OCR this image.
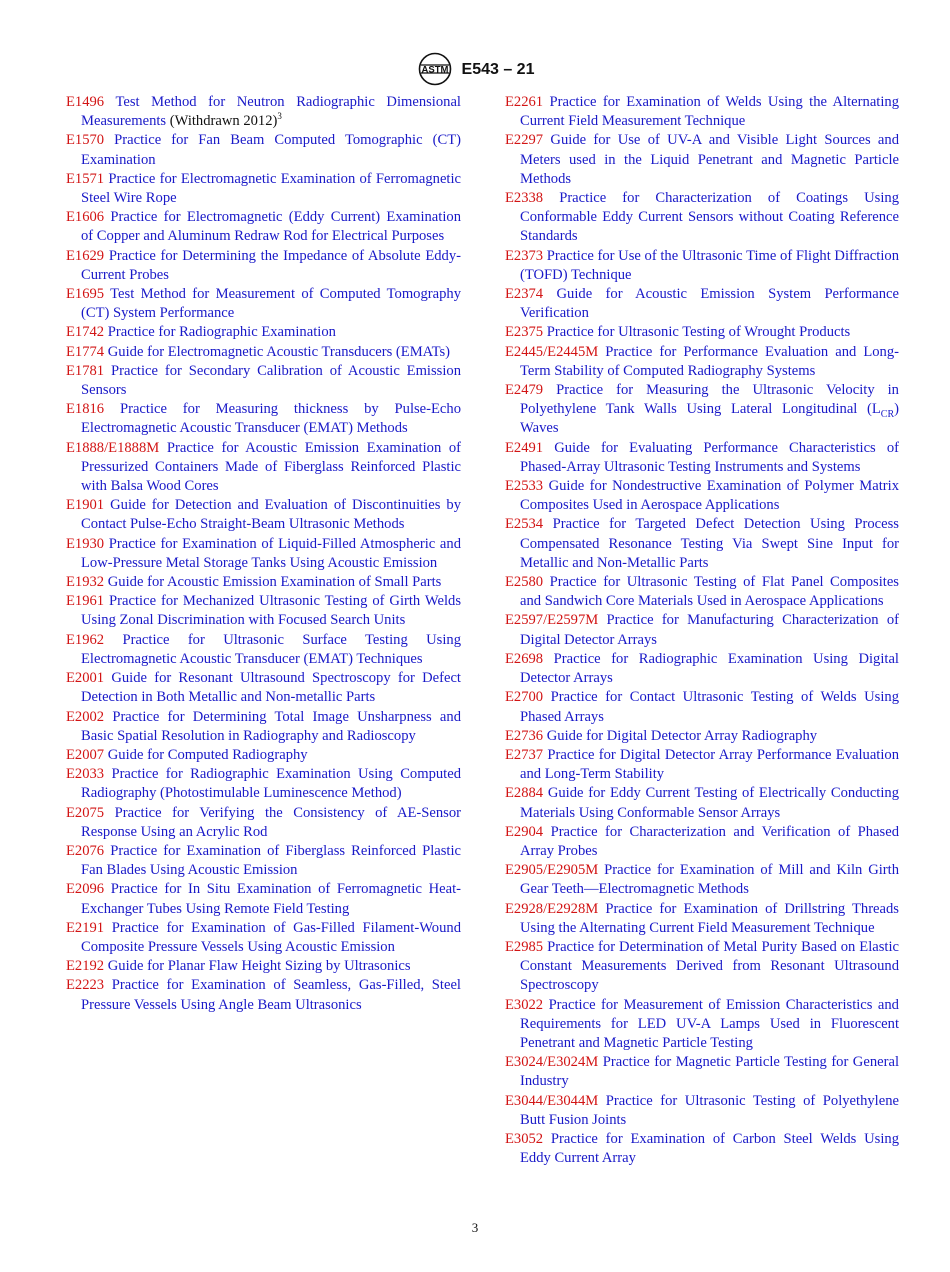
ASTM E543 – 21

E1496 Test Method for Neutron Radiographic Dimensional Measurements (Withdrawn 2012)$^3$

E1570 Practice for Fan Beam Computed Tomographic (CT) Examination

E1571 Practice for Electromagnetic Examination of Ferromagnetic Steel Wire Rope

E1606 Practice for Electromagnetic (Eddy Current) Examination of Copper and Aluminum Redraw Rod for Electrical Purposes

E1629 Practice for Determining the Impedance of Absolute Eddy-Current Probes

E1695 Test Method for Measurement of Computed Tomography (CT) System Performance

E1742 Practice for Radiographic Examination

E1774 Guide for Electromagnetic Acoustic Transducers (EMATs)

E1781 Practice for Secondary Calibration of Acoustic Emission Sensors

E1816 Practice for Measuring thickness by Pulse-Echo Electromagnetic Acoustic Transducer (EMAT) Methods

E1888/E1888M Practice for Acoustic Emission Examination of Pressurized Containers Made of Fiberglass Reinforced Plastic with Balsa Wood Cores

E1901 Guide for Detection and Evaluation of Discontinuities by Contact Pulse-Echo Straight-Beam Ultrasonic Methods

E1930 Practice for Examination of Liquid-Filled Atmospheric and Low-Pressure Metal Storage Tanks Using Acoustic Emission

E1932 Guide for Acoustic Emission Examination of Small Parts

E1961 Practice for Mechanized Ultrasonic Testing of Girth Welds Using Zonal Discrimination with Focused Search Units

E1962 Practice for Ultrasonic Surface Testing Using Electromagnetic Acoustic Transducer (EMAT) Techniques

E2001 Guide for Resonant Ultrasound Spectroscopy for Defect Detection in Both Metallic and Non-metallic Parts

E2002 Practice for Determining Total Image Unsharpness and Basic Spatial Resolution in Radiography and Radioscopy

E2007 Guide for Computed Radiography

E2033 Practice for Radiographic Examination Using Computed Radiography (Photostimulable Luminescence Method)

E2075 Practice for Verifying the Consistency of AE-Sensor Response Using an Acrylic Rod

E2076 Practice for Examination of Fiberglass Reinforced Plastic Fan Blades Using Acoustic Emission

E2096 Practice for In Situ Examination of Ferromagnetic Heat-Exchanger Tubes Using Remote Field Testing

E2191 Practice for Examination of Gas-Filled Filament-Wound Composite Pressure Vessels Using Acoustic Emission

E2192 Guide for Planar Flaw Height Sizing by Ultrasonics

E2223 Practice for Examination of Seamless, Gas-Filled, Steel Pressure Vessels Using Angle Beam Ultrasonics

E2261 Practice for Examination of Welds Using the Alternating Current Field Measurement Technique

E2297 Guide for Use of UV-A and Visible Light Sources and Meters used in the Liquid Penetrant and Magnetic Particle Methods

E2338 Practice for Characterization of Coatings Using Conformable Eddy Current Sensors without Coating Reference Standards

E2373 Practice for Use of the Ultrasonic Time of Flight Diffraction (TOFD) Technique

E2374 Guide for Acoustic Emission System Performance Verification

E2375 Practice for Ultrasonic Testing of Wrought Products

E2445/E2445M Practice for Performance Evaluation and Long-Term Stability of Computed Radiography Systems

E2479 Practice for Measuring the Ultrasonic Velocity in Polyethylene Tank Walls Using Lateral Longitudinal $(L_{CR})$ Waves

E2491 Guide for Evaluating Performance Characteristics of Phased-Array Ultrasonic Testing Instruments and Systems

E2533 Guide for Nondestructive Examination of Polymer Matrix Composites Used in Aerospace Applications

E2534 Practice for Targeted Defect Detection Using Process Compensated Resonance Testing Via Swept Sine Input for Metallic and Non-Metallic Parts

E2580 Practice for Ultrasonic Testing of Flat Panel Composites and Sandwich Core Materials Used in Aerospace Applications

E2597/E2597M Practice for Manufacturing Characterization of Digital Detector Arrays

E2698 Practice for Radiographic Examination Using Digital Detector Arrays

E2700 Practice for Contact Ultrasonic Testing of Welds Using Phased Arrays

E2736 Guide for Digital Detector Array Radiography

E2737 Practice for Digital Detector Array Performance Evaluation and Long-Term Stability

E2884 Guide for Eddy Current Testing of Electrically Conducting Materials Using Conformable Sensor Arrays

E2904 Practice for Characterization and Verification of Phased Array Probes

E2905/E2905M Practice for Examination of Mill and Kiln Girth Gear Teeth—Electromagnetic Methods

E2928/E2928M Practice for Examination of Drillstring Threads Using the Alternating Current Field Measurement Technique

E2985 Practice for Determination of Metal Purity Based on Elastic Constant Measurements Derived from Resonant Ultrasound Spectroscopy

E3022 Practice for Measurement of Emission Characteristics and Requirements for LED UV-A Lamps Used in Fluorescent Penetrant and Magnetic Particle Testing

E3024/E3024M Practice for Magnetic Particle Testing for General Industry

E3044/E3044M Practice for Ultrasonic Testing of Polyethylene Butt Fusion Joints

E3052 Practice for Examination of Carbon Steel Welds Using Eddy Current Array

3
